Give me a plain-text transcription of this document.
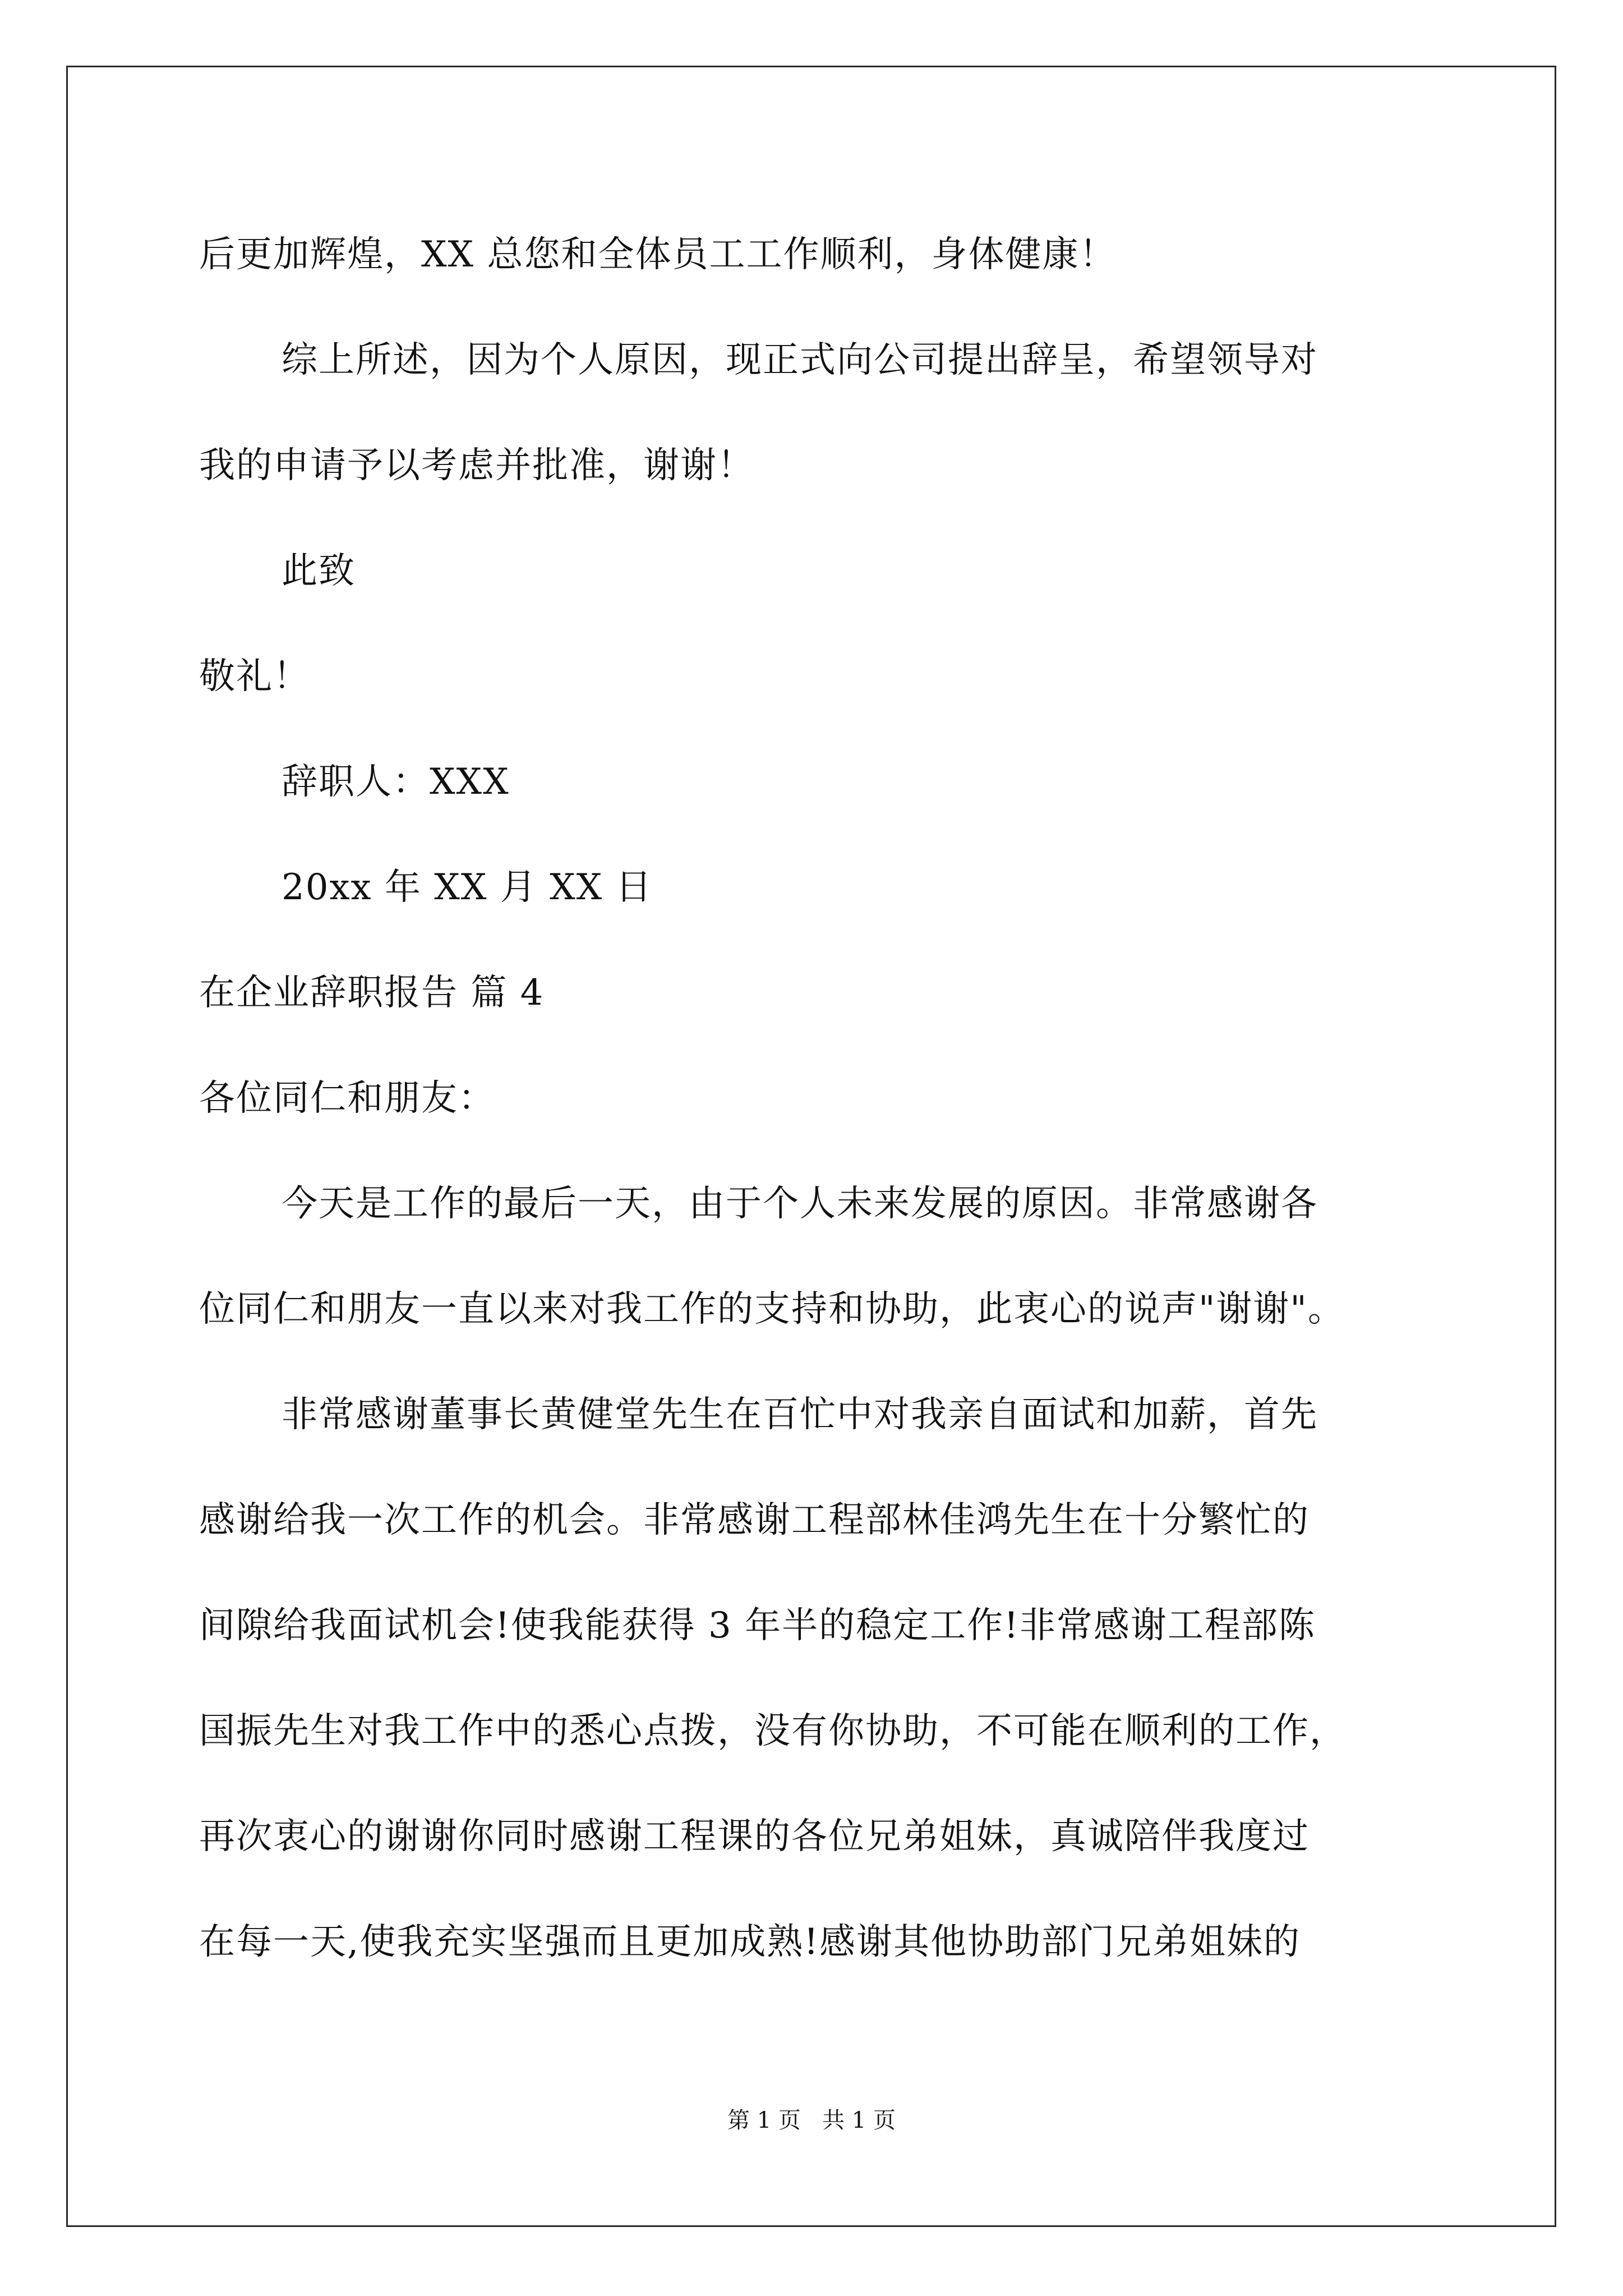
后更加辉煌，XX 总您和全体员工工作顺利，身体健康！
综上所述，因为个人原因，现正式向公司提出辞呈，希望领导对
我的申请予以考虑并批准，谢谢！
此致
敬礼！
辞职人：XXX
20xx 年 XX 月 XX 日
在企业辞职报告 篇 4
各位同仁和朋友：
今天是工作的最后一天，由于个人未来发展的原因。非常感谢各
位同仁和朋友一直以来对我工作的支持和协助，此衷心的说声"谢谢"。
非常感谢董事长黄健堂先生在百忙中对我亲自面试和加薪，首先
感谢给我一次工作的机会。非常感谢工程部林佳鸿先生在十分繁忙的
间隙给我面试机会!使我能获得 3 年半的稳定工作!非常感谢工程部陈
国振先生对我工作中的悉心点拨，没有你协助，不可能在顺利的工作，
再次衷心的谢谢你同时感谢工程课的各位兄弟姐妹，真诚陪伴我度过
在每一天,使我充实坚强而且更加成熟!感谢其他协助部门兄弟姐妹的
第 1 页   共 1 页
